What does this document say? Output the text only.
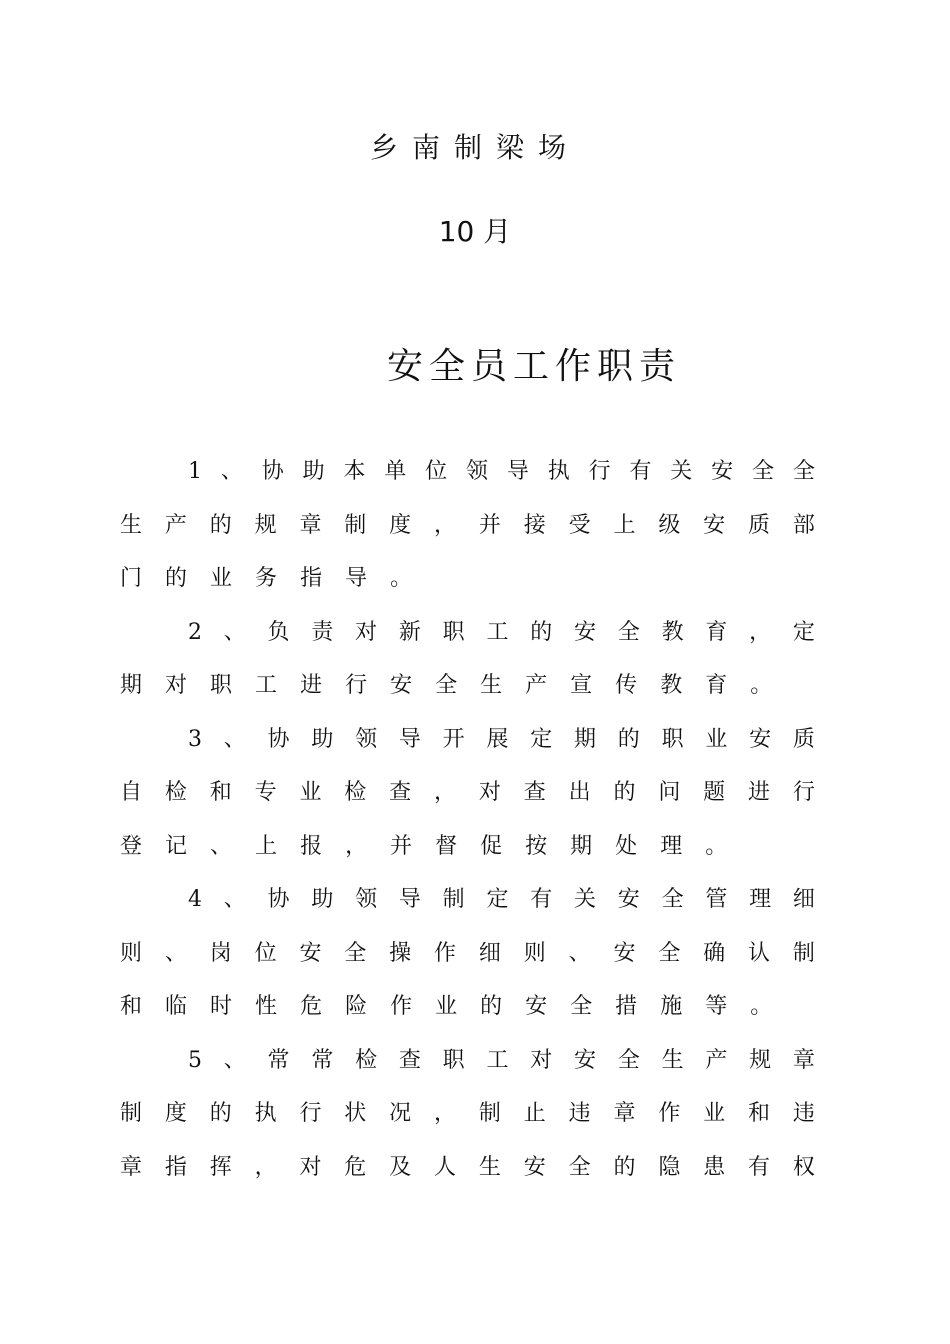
乡南制梁场
10 月
安全员工作职责
1 、 协 助 本 单 位 领 导 执 行 有 关 安 全 全
生 产 的 规 章 制 度 ， 并 接 受 上 级 安 质 部
门 的 业 务 指 导 。
2 、 负 责 对 新 职 工 的 安 全 教 育 ， 定
期 对 职 工 进 行 安 全 生 产 宣 传 教 育 。
3 、 协 助 领 导 开 展 定 期 的 职 业 安 质
自 检 和 专 业 检 查 ， 对 查 出 的 问 题 进 行
登 记 、 上 报 ， 并 督 促 按 期 处 理 。
4 、 协 助 领 导 制 定 有 关 安 全 管 理 细
则 、 岗 位 安 全 操 作 细 则 、 安 全 确 认 制
和 临 时 性 危 险 作 业 的 安 全 措 施 等 。
5 、 常 常 检 查 职 工 对 安 全 生 产 规 章
制 度 的 执 行 状 况 ， 制 止 违 章 作 业 和 违
章 指 挥 ， 对 危 及 人 生 安 全 的 隐 患 有 权
